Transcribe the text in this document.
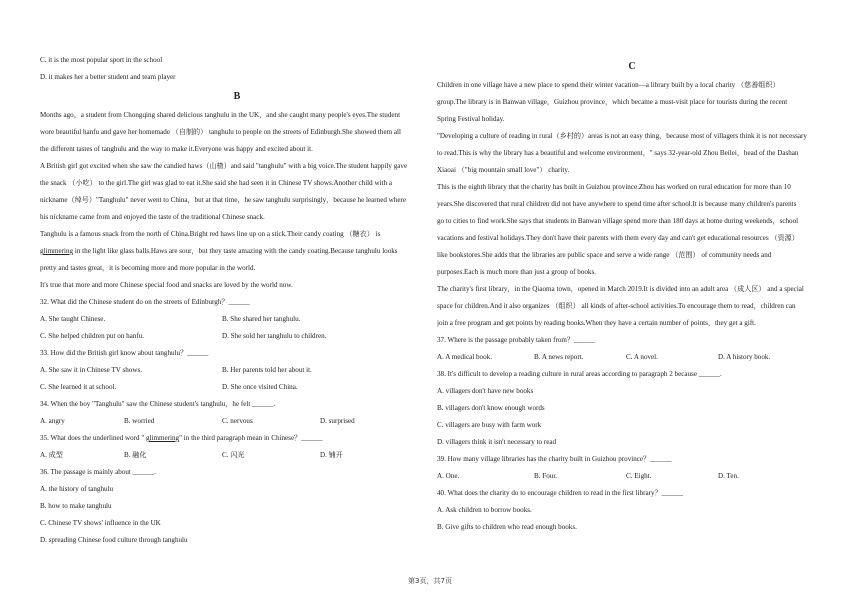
C. it is the most popular sport in the school
D. it makes her a better student and team player
B
Months ago，a student from Chongqing shared delicious tanghulu in the UK，and she caught many people's eyes.The student
wore beautiful hanfu and gave her homemade （自制的） tanghulu to people on the streets of Edinburgh.She showed them all
the different tastes of tanghulu and the way to make it.Everyone was happy and excited about it.
A British girl got excited when she saw the candied haws（山楂）and said "tanghulu" with a big voice.The student happily gave
the snack （小吃） to the girl.The girl was glad to eat it.She said she had seen it in Chinese TV shows.Another child with a
nickname（绰号）"Tanghulu" never went to China，but at that time，he saw tanghulu surprisingly，because he learned where
his nickname came from and enjoyed the taste of the traditional Chinese snack.
Tanghulu is a famous snack from the north of China.Bright red haws line up on a stick.Their candy coating （糖衣） is
glimmering in the light like glass balls.Haws are sour，but they taste amazing with the candy coating.Because tanghulu looks
pretty and tastes great，it is becoming more and more popular in the world.
It's true that more and more Chinese special food and snacks are loved by the world now.
32. What did the Chinese student do on the streets of Edinburgh？______
A. She taught Chinese.	B. She shared her tanghulu.
C. She helped children put on hanfu.	D. She sold her tanghulu to children.
33. How did the British girl know about tanghulu？______
A. She saw it in Chinese TV shows.	B. Her parents told her about it.
C. She learned it at school.	D. She once visited China.
34. When the boy "Tanghulu" saw the Chinese student's tanghulu，he felt ______.
A. angry	B. worried	C. nervous	D. surprised
35. What does the underlined word " glimmering" in the third paragraph mean in Chinese？______
A. 成型	B. 融化	C. 闪光	D. 铺开
36. The passage is mainly about ______.
A. the history of tanghulu
B. how to make tanghulu
C. Chinese TV shows' influence in the UK
D. spreading Chinese food culture through tanghulu
C
Children in one village have a new place to spend their winter vacation—a library built by a local charity （慈善组织）
group.The library is in Banwan village，Guizhou province，which became a must-visit place for tourists during the recent
Spring Festival holiday.
"Developing a culture of reading in rural（乡村的）areas is not an easy thing，because most of villagers think it is not necessary
to read.This is why the library has a beautiful and welcome environment，" says 32-year-old Zhou Beilei，head of the Dashan
Xiaoai （"big mountain small love"） charity.
This is the eighth library that the charity has built in Guizhou province.Zhou has worked on rural education for more than 10
years.She discovered that rural children did not have anywhere to spend time after school.It is because many children's parents
go to cities to find work.She says that students in Banwan village spend more than 180 days at home during weekends，school
vacations and festival holidays.They don't have their parents with them every day and can't get educational resources （资源）
like bookstores.She adds that the libraries are public space and serve a wide range （范围） of community needs and
purposes.Each is much more than just a group of books.
The charity's first library，in the Qiaoma town，opened in March 2019.It is divided into an adult area （成人区） and a special
space for children.And it also organizes （组织） all kinds of after-school activities.To encourage them to read，children can
join a free program and get points by reading books.When they have a certain number of points，they get a gift.
37. Where is the passage probably taken from？______
A. A medical book.	B. A news report.	C. A novel.	D. A history book.
38. It's difficult to develop a reading culture in rural areas according to paragraph 2 because ______.
A. villagers don't have new books
B. villagers don't know enough words
C. villagers are busy with farm work
D. villagers think it isn't necessary to read
39. How many village libraries has the charity built in Guizhou province？______
A. One.	B. Four.	C. Eight.	D. Ten.
40. What does the charity do to encourage children to read in the first library？______
A. Ask children to borrow books.
B. Give gifts to children who read enough books.
第3页，共7页
